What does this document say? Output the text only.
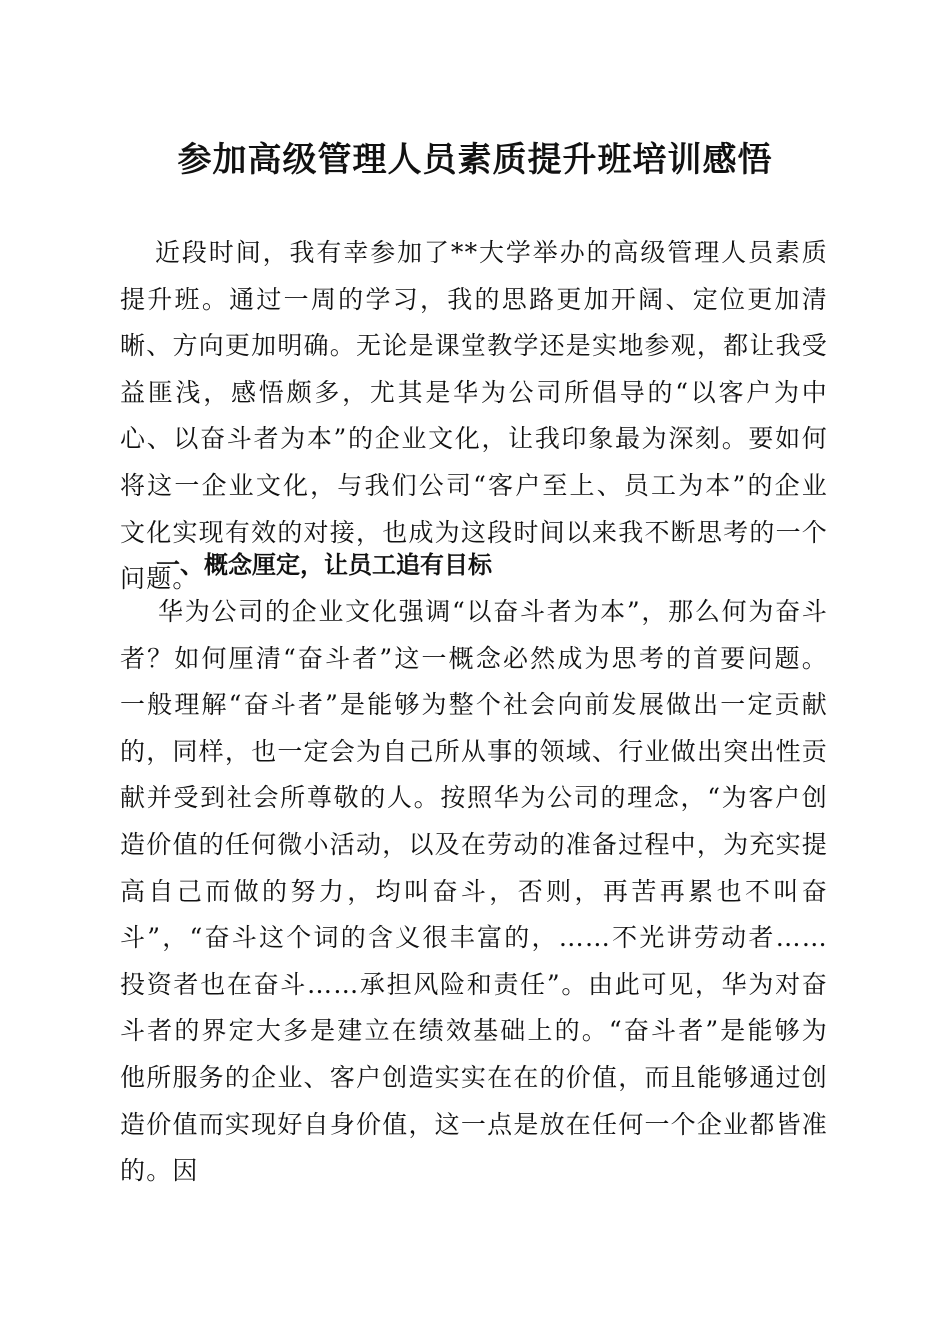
参加高级管理人员素质提升班培训感悟

近段时间，我有幸参加了**大学举办的高级管理人员素质提升班。通过一周的学习，我的思路更加开阔、定位更加清晰、方向更加明确。无论是课堂教学还是实地参观，都让我受益匪浅，感悟颇多，尤其是华为公司所倡导的“以客户为中心、以奋斗者为本”的企业文化，让我印象最为深刻。要如何将这一企业文化，与我们公司“客户至上、员工为本”的企业文化实现有效的对接，也成为这段时间以来我不断思考的一个问题。

一、概念厘定，让员工追有目标

华为公司的企业文化强调“以奋斗者为本”，那么何为奋斗者？如何厘清“奋斗者”这一概念必然成为思考的首要问题。一般理解“奋斗者”是能够为整个社会向前发展做出一定贡献的，同样，也一定会为自己所从事的领域、行业做出突出性贡献并受到社会所尊敬的人。按照华为公司的理念，“为客户创造价值的任何微小活动，以及在劳动的准备过程中，为充实提高自己而做的努力，均叫奋斗，否则，再苦再累也不叫奋斗”，“奋斗这个词的含义很丰富的，……不光讲劳动者……投资者也在奋斗……承担风险和责任”。由此可见，华为对奋斗者的界定大多是建立在绩效基础上的。“奋斗者”是能够为他所服务的企业、客户创造实实在在的价值，而且能够通过创造价值而实现好自身价值，这一点是放在任何一个企业都皆准的。因
